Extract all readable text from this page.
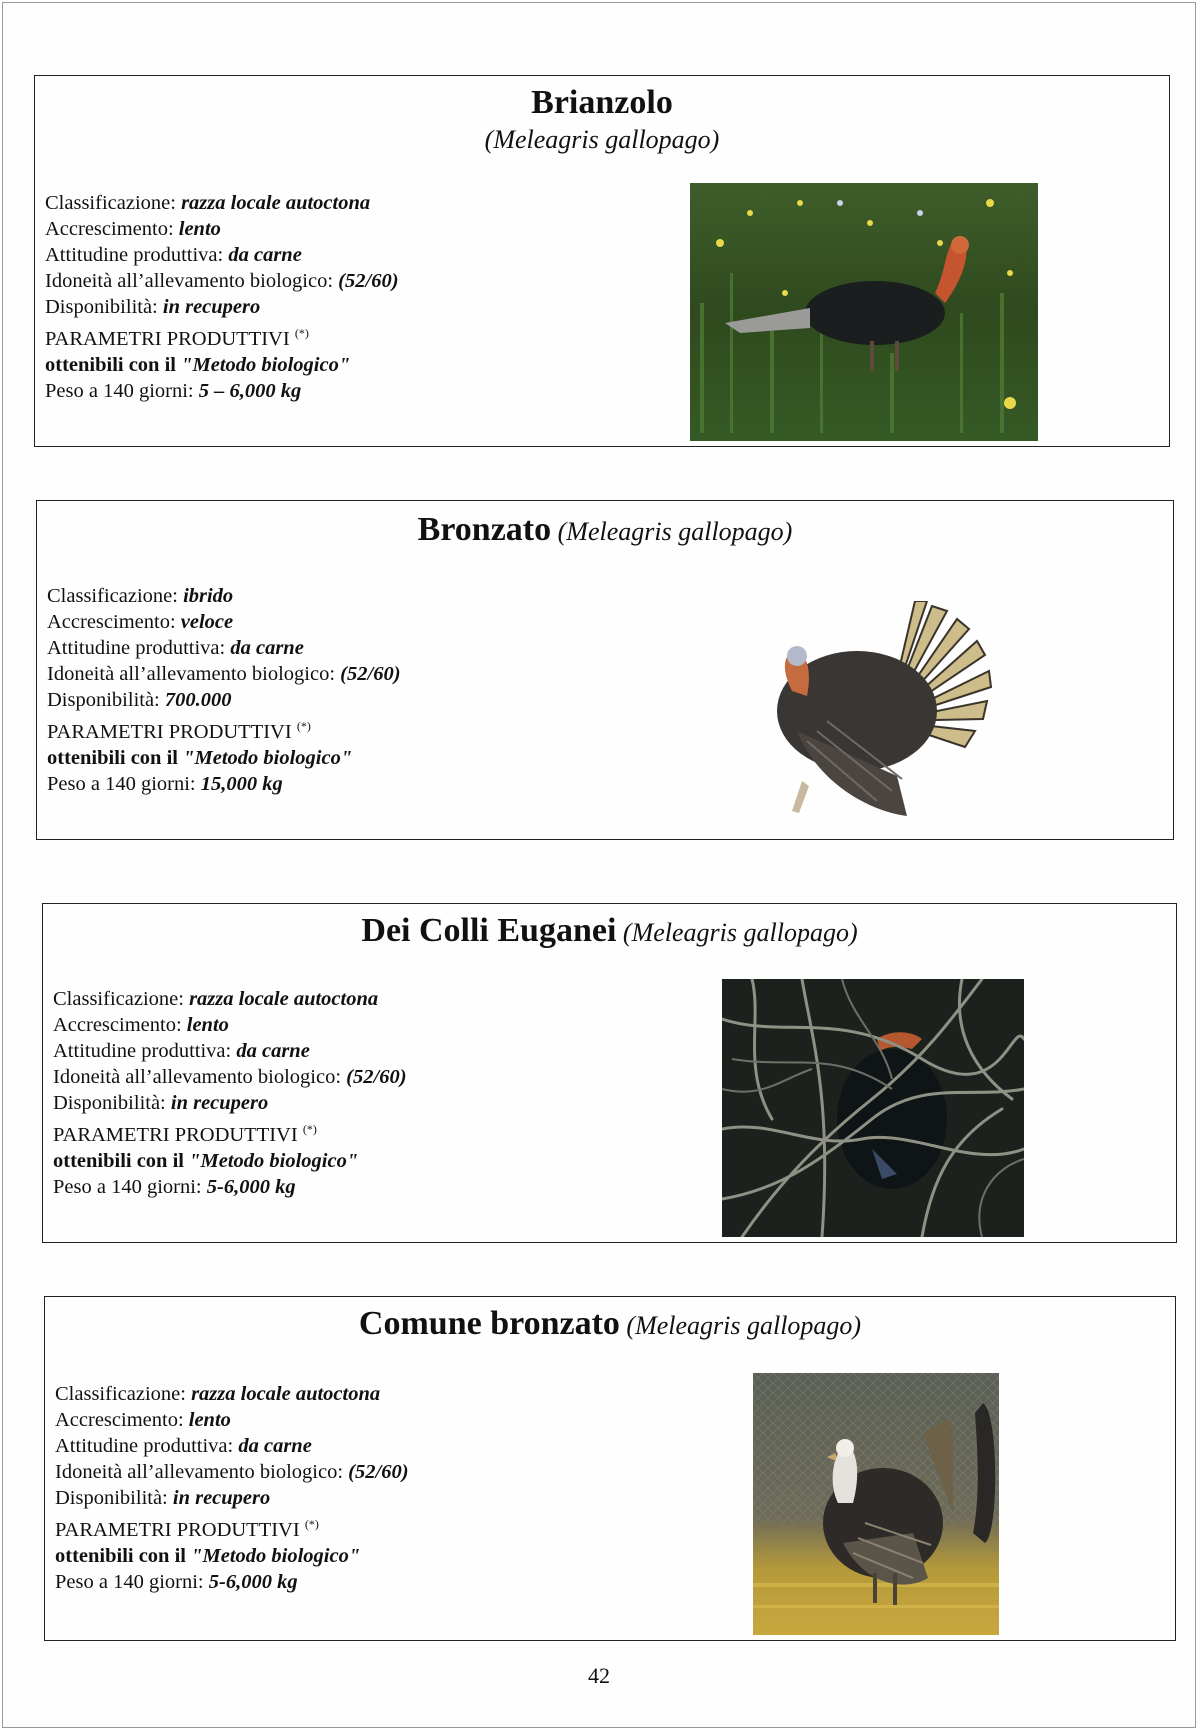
Brianzolo
(Meleagris gallopago)
Classificazione: razza locale autoctona
Accrescimento: lento
Attitudine produttiva: da carne
Idoneità all’allevamento biologico: (52/60)
Disponibilità: in recupero
PARAMETRI PRODUTTIVI (*)
ottenibili con il "Metodo biologico"
Peso a 140 giorni: 5 – 6,000 kg
Bronzato (Meleagris gallopago)
Classificazione: ibrido
Accrescimento: veloce
Attitudine produttiva: da carne
Idoneità all’allevamento biologico: (52/60)
Disponibilità: 700.000
PARAMETRI PRODUTTIVI (*)
ottenibili con il "Metodo biologico"
Peso a 140 giorni: 15,000 kg
Dei Colli Euganei (Meleagris gallopago)
Classificazione: razza locale autoctona
Accrescimento: lento
Attitudine produttiva: da carne
Idoneità all’allevamento biologico: (52/60)
Disponibilità: in recupero
PARAMETRI PRODUTTIVI (*)
ottenibili con il "Metodo biologico"
Peso a 140 giorni: 5-6,000 kg
Comune bronzato (Meleagris gallopago)
Classificazione: razza locale autoctona
Accrescimento: lento
Attitudine produttiva: da carne
Idoneità all’allevamento biologico: (52/60)
Disponibilità: in recupero
PARAMETRI PRODUTTIVI (*)
ottenibili con il "Metodo biologico"
Peso a 140 giorni: 5-6,000 kg
42
